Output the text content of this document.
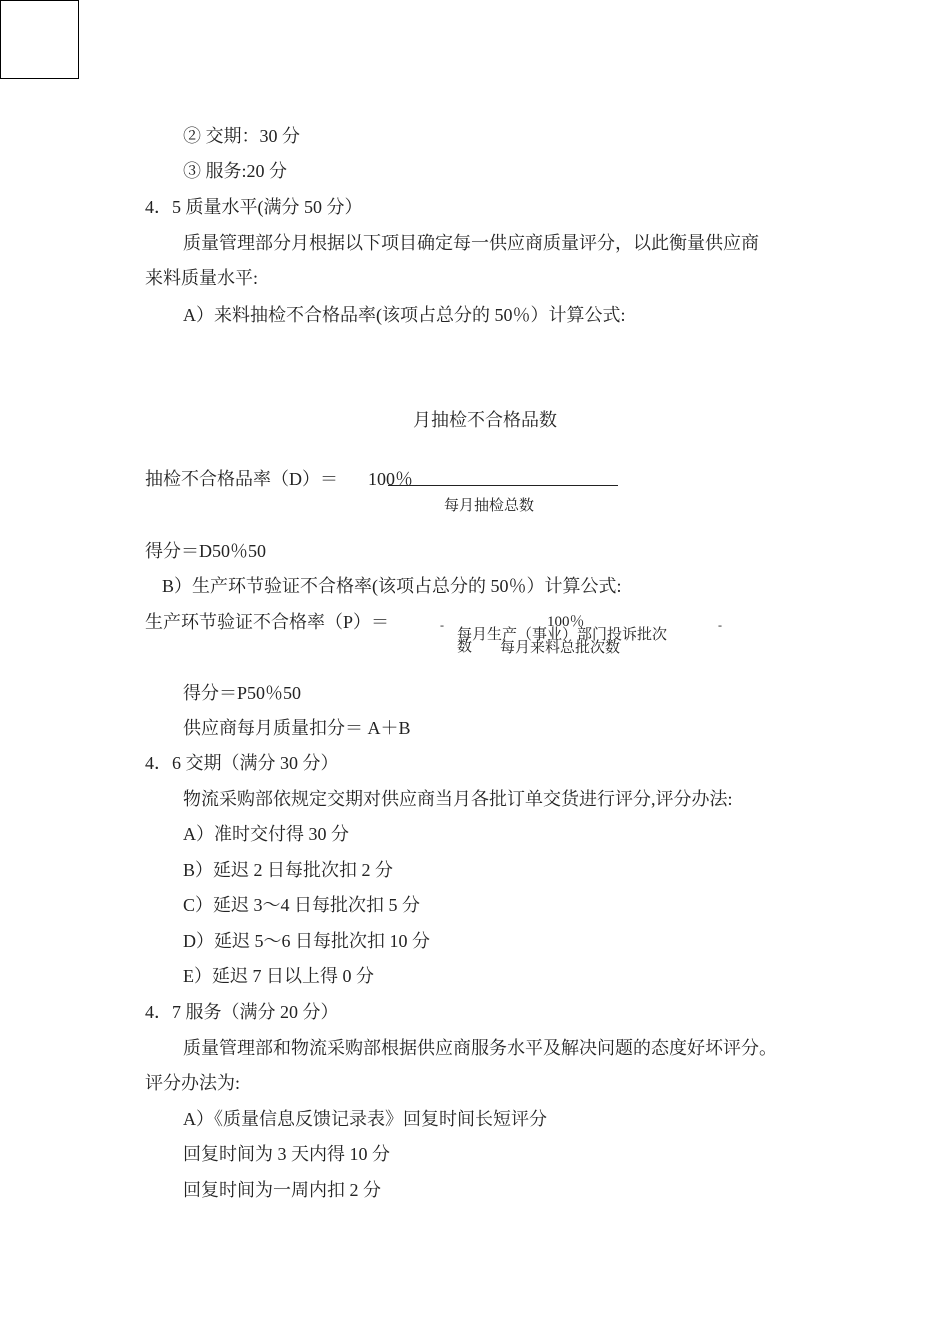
② 交期：30 分
③ 服务:20 分
4．5 质量水平(满分 50 分）
质量管理部分月根据以下项目确定每一供应商质量评分，以此衡量供应商
来料质量水平:
A）来料抽检不合格品率(该项占总分的 50％）计算公式:
月抽检不合格品数
抽检不合格品率（D）＝ 100％
每月抽检总数
得分＝D50％50
B）生产环节验证不合格率(该项占总分的 50％）计算公式:
生产环节验证不合格率（P）＝	-	100％
每月生产（事业）部门投诉批次
-
数 每月来料总批次数
得分＝P50％50
供应商每月质量扣分＝ A＋B
4．6 交期（满分 30 分）
物流采购部依规定交期对供应商当月各批订单交货进行评分,评分办法:
A）准时交付得 30 分
B）延迟 2 日每批次扣 2 分
C）延迟 3～4 日每批次扣 5 分
D）延迟 5～6 日每批次扣 10 分
E）延迟 7 日以上得 0 分
4．7 服务（满分 20 分）
质量管理部和物流采购部根据供应商服务水平及解决问题的态度好坏评分。
评分办法为:
A）《质量信息反馈记录表》回复时间长短评分
回复时间为 3 天内得 10 分
回复时间为一周内扣 2 分
